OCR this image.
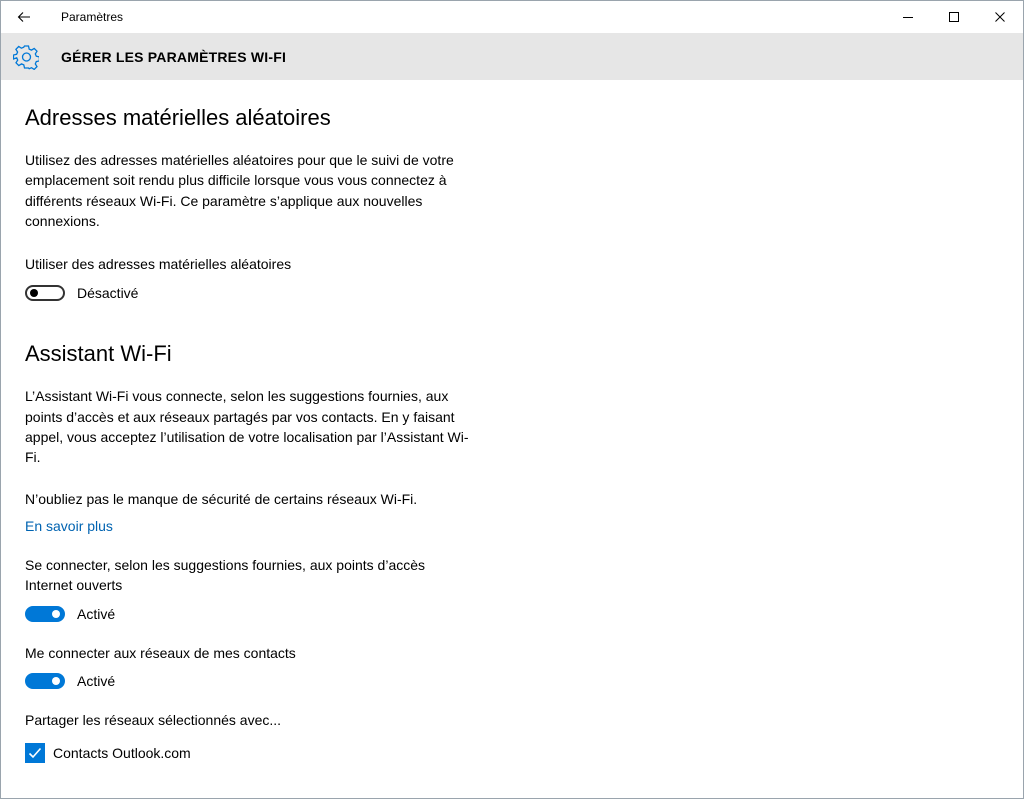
Paramètres
GÉRER LES PARAMÈTRES WI-FI
Adresses matérielles aléatoires

Utilisez des adresses matérielles aléatoires pour que le suivi de votre emplacement soit rendu plus difficile lorsque vous vous connectez à différents réseaux Wi-Fi. Ce paramètre s’applique aux nouvelles connexions.

Utiliser des adresses matérielles aléatoires

Désactivé
Assistant Wi-Fi

L’Assistant Wi-Fi vous connecte, selon les suggestions fournies, aux points d’accès et aux réseaux partagés par vos contacts. En y faisant appel, vous acceptez l’utilisation de votre localisation par l’Assistant Wi-Fi.

N’oubliez pas le manque de sécurité de certains réseaux Wi-Fi.

En savoir plus

Se connecter, selon les suggestions fournies, aux points d’accès Internet ouverts

Activé

Me connecter aux réseaux de mes contacts

Activé

Partager les réseaux sélectionnés avec...

Contacts Outlook.com
